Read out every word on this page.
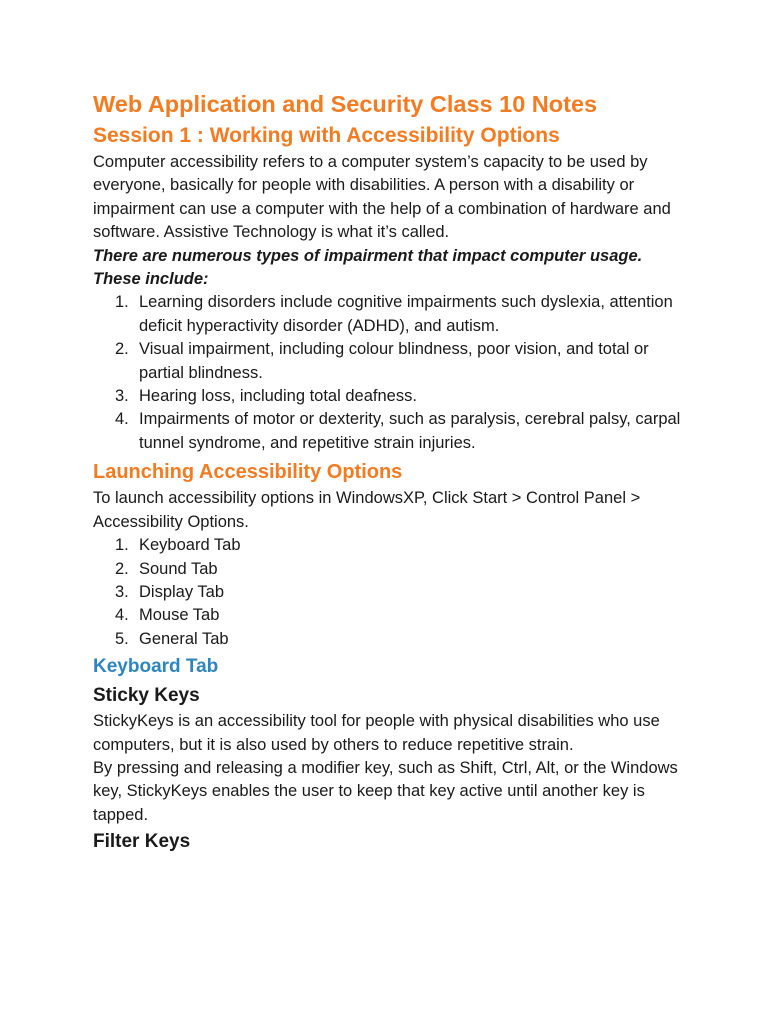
Web Application and Security Class 10 Notes
Session 1 : Working with Accessibility Options

Computer accessibility refers to a computer system’s capacity to be used by everyone, basically for people with disabilities. A person with a disability or impairment can use a computer with the help of a combination of hardware and software. Assistive Technology is what it’s called.

There are numerous types of impairment that impact computer usage. These include:

1. Learning disorders include cognitive impairments such dyslexia, attention deficit hyperactivity disorder (ADHD), and autism.
2. Visual impairment, including colour blindness, poor vision, and total or partial blindness.
3. Hearing loss, including total deafness.
4. Impairments of motor or dexterity, such as paralysis, cerebral palsy, carpal tunnel syndrome, and repetitive strain injuries.
Launching Accessibility Options

To launch accessibility options in WindowsXP, Click Start > Control Panel > Accessibility Options.

1. Keyboard Tab
2. Sound Tab
3. Display Tab
4. Mouse Tab
5. General Tab
Keyboard Tab
Sticky Keys

StickyKeys is an accessibility tool for people with physical disabilities who use computers, but it is also used by others to reduce repetitive strain.

By pressing and releasing a modifier key, such as Shift, Ctrl, Alt, or the Windows key, StickyKeys enables the user to keep that key active until another key is tapped.

Filter Keys
